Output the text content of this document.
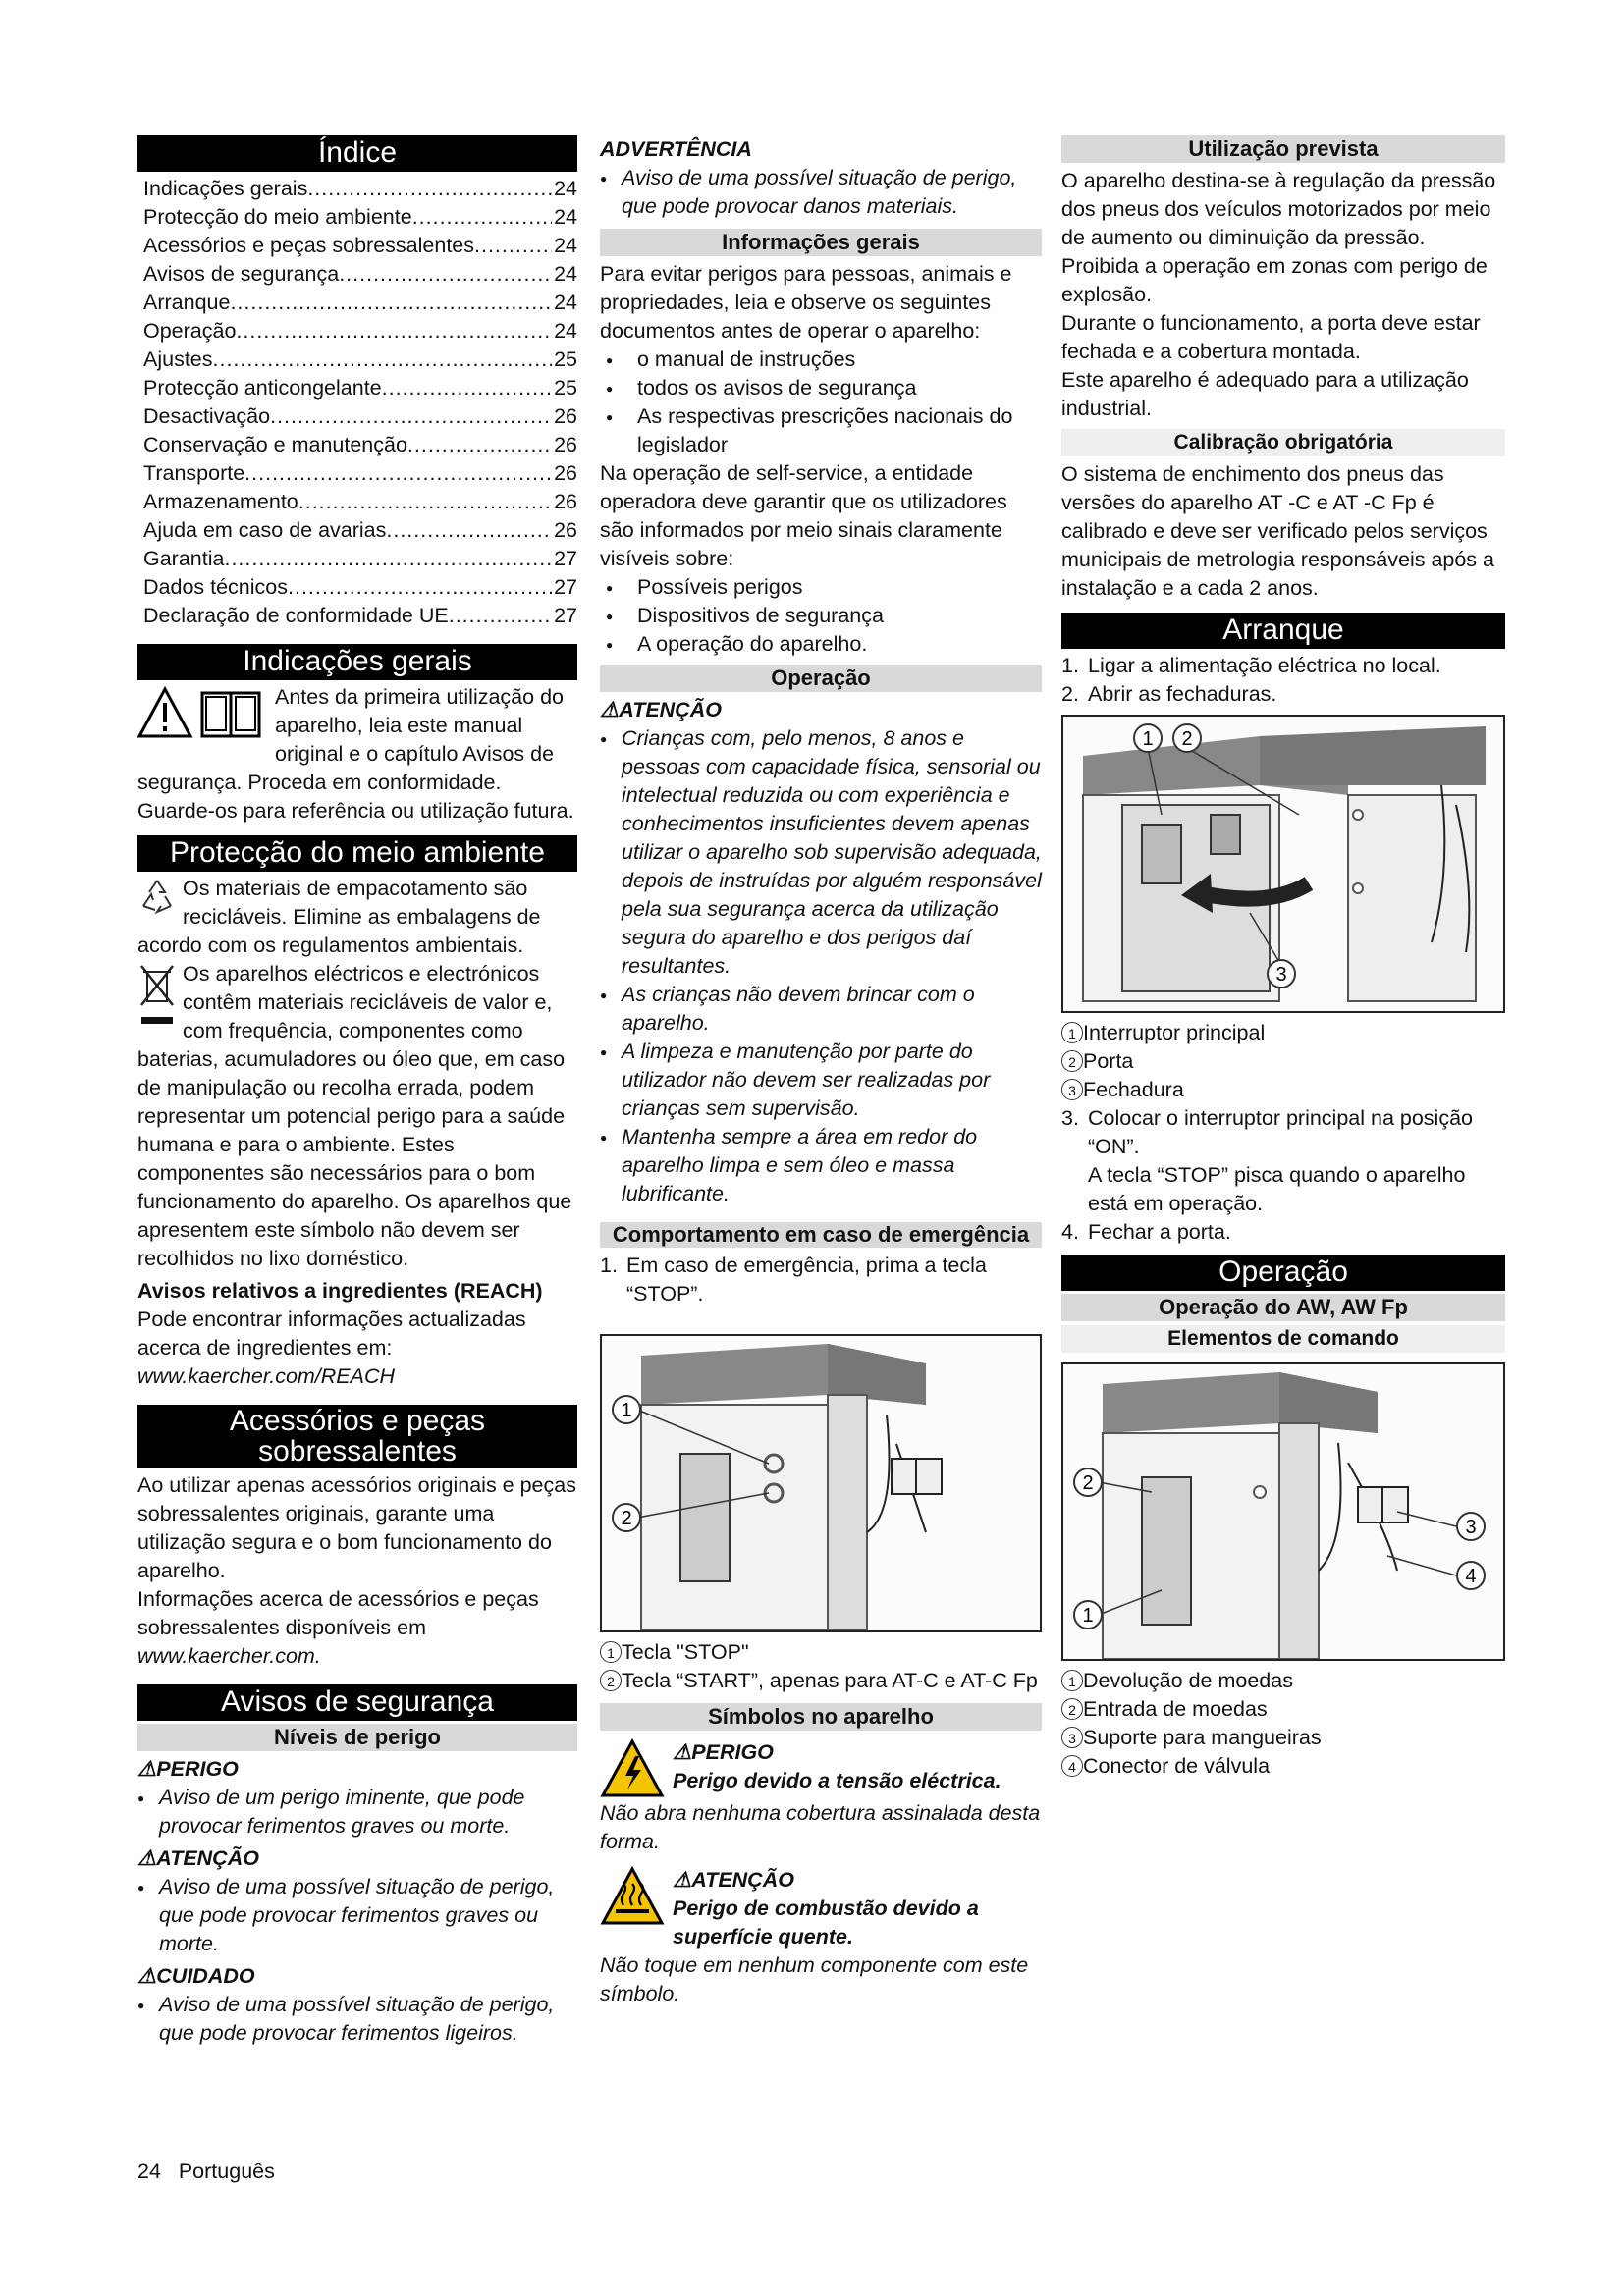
Índice
Indicações gerais .....	24
Protecção do meio ambiente .....	24
Acessórios e peças sobressalentes .....	24
Avisos de segurança .....	24
Arranque .....	24
Operação .....	24
Ajustes .....	25
Protecção anticongelante .....	25
Desactivação .....	26
Conservação e manutenção .....	26
Transporte .....	26
Armazenamento .....	26
Ajuda em caso de avarias .....	26
Garantia .....	27
Dados técnicos .....	27
Declaração de conformidade UE .....	27
Indicações gerais

Antes da primeira utilização do aparelho, leia este manual original e o capítulo Avisos de segurança. Proceda em conformidade.

Guarde-os para referência ou utilização futura.

Protecção do meio ambiente

Os materiais de empacotamento são recicláveis. Elimine as embalagens de acordo com os regulamentos ambientais.

Os aparelhos eléctricos e electrónicos contêm materiais recicláveis de valor e, com frequência, componentes como baterias, acumuladores ou óleo que, em caso de manipulação ou recolha errada, podem representar um potencial perigo para a saúde humana e para o ambiente. Estes componentes são necessários para o bom funcionamento do aparelho. Os aparelhos que apresentem este símbolo não devem ser recolhidos no lixo doméstico.

Avisos relativos a ingredientes (REACH)

Pode encontrar informações actualizadas acerca de ingredientes em: www.kaercher.com/REACH

Acessórios e peças sobressalentes

Ao utilizar apenas acessórios originais e peças sobressalentes originais, garante uma utilização segura e o bom funcionamento do aparelho.

Informações acerca de acessórios e peças sobressalentes disponíveis em www.kaercher.com.

Avisos de segurança
Níveis de perigo
⚠PERIGO
● Aviso de um perigo iminente, que pode provocar ferimentos graves ou morte.
⚠ATENÇÃO
● Aviso de uma possível situação de perigo, que pode provocar ferimentos graves ou morte.
⚠CUIDADO
● Aviso de uma possível situação de perigo, que pode provocar ferimentos ligeiros.
ADVERTÊNCIA
● Aviso de uma possível situação de perigo, que pode provocar danos materiais.
Informações gerais

Para evitar perigos para pessoas, animais e propriedades, leia e observe os seguintes documentos antes de operar o aparelho:

● o manual de instruções
● todos os avisos de segurança
● As respectivas prescrições nacionais do legislador

Na operação de self-service, a entidade operadora deve garantir que os utilizadores são informados por meio sinais claramente visíveis sobre:

● Possíveis perigos
● Dispositivos de segurança
● A operação do aparelho.
Operação
⚠ATENÇÃO
● Crianças com, pelo menos, 8 anos e pessoas com capacidade física, sensorial ou intelectual reduzida ou com experiência e conhecimentos insuficientes devem apenas utilizar o aparelho sob supervisão adequada, depois de instruídas por alguém responsável pela sua segurança acerca da utilização segura do aparelho e dos perigos daí resultantes.
● As crianças não devem brincar com o aparelho.
● A limpeza e manutenção por parte do utilizador não devem ser realizadas por crianças sem supervisão.
● Mantenha sempre a área em redor do aparelho limpa e sem óleo e massa lubrificante.
Comportamento em caso de emergência
1. Em caso de emergência, prima a tecla “STOP”.
1
2
1 Tecla "STOP"
2 Tecla “START”, apenas para AT-C e AT-C Fp
Símbolos no aparelho
⚠PERIGO
Perigo devido a tensão eléctrica.

Não abra nenhuma cobertura assinalada desta forma.

⚠ATENÇÃO
Perigo de combustão devido a superfície quente.

Não toque em nenhum componente com este símbolo.

Utilização prevista

O aparelho destina-se à regulação da pressão dos pneus dos veículos motorizados por meio de aumento ou diminuição da pressão.

Proibida a operação em zonas com perigo de explosão.

Durante o funcionamento, a porta deve estar fechada e a cobertura montada.

Este aparelho é adequado para a utilização industrial.

Calibração obrigatória

O sistema de enchimento dos pneus das versões do aparelho AT -C e AT -C Fp é calibrado e deve ser verificado pelos serviços municipais de metrologia responsáveis após a instalação e a cada 2 anos.

Arranque
1. Ligar a alimentação eléctrica no local.
2. Abrir as fechaduras.
1 2
3
1 Interruptor principal
2 Porta
3 Fechadura
3. Colocar o interruptor principal na posição “ON”.
A tecla “STOP” pisca quando o aparelho está em operação.
4. Fechar a porta.
Operação
Operação do AW, AW Fp
Elementos de comando
2
1
3
4
1 Devolução de moedas
2 Entrada de moedas
3 Suporte para mangueiras
4 Conector de válvula
24 Português
